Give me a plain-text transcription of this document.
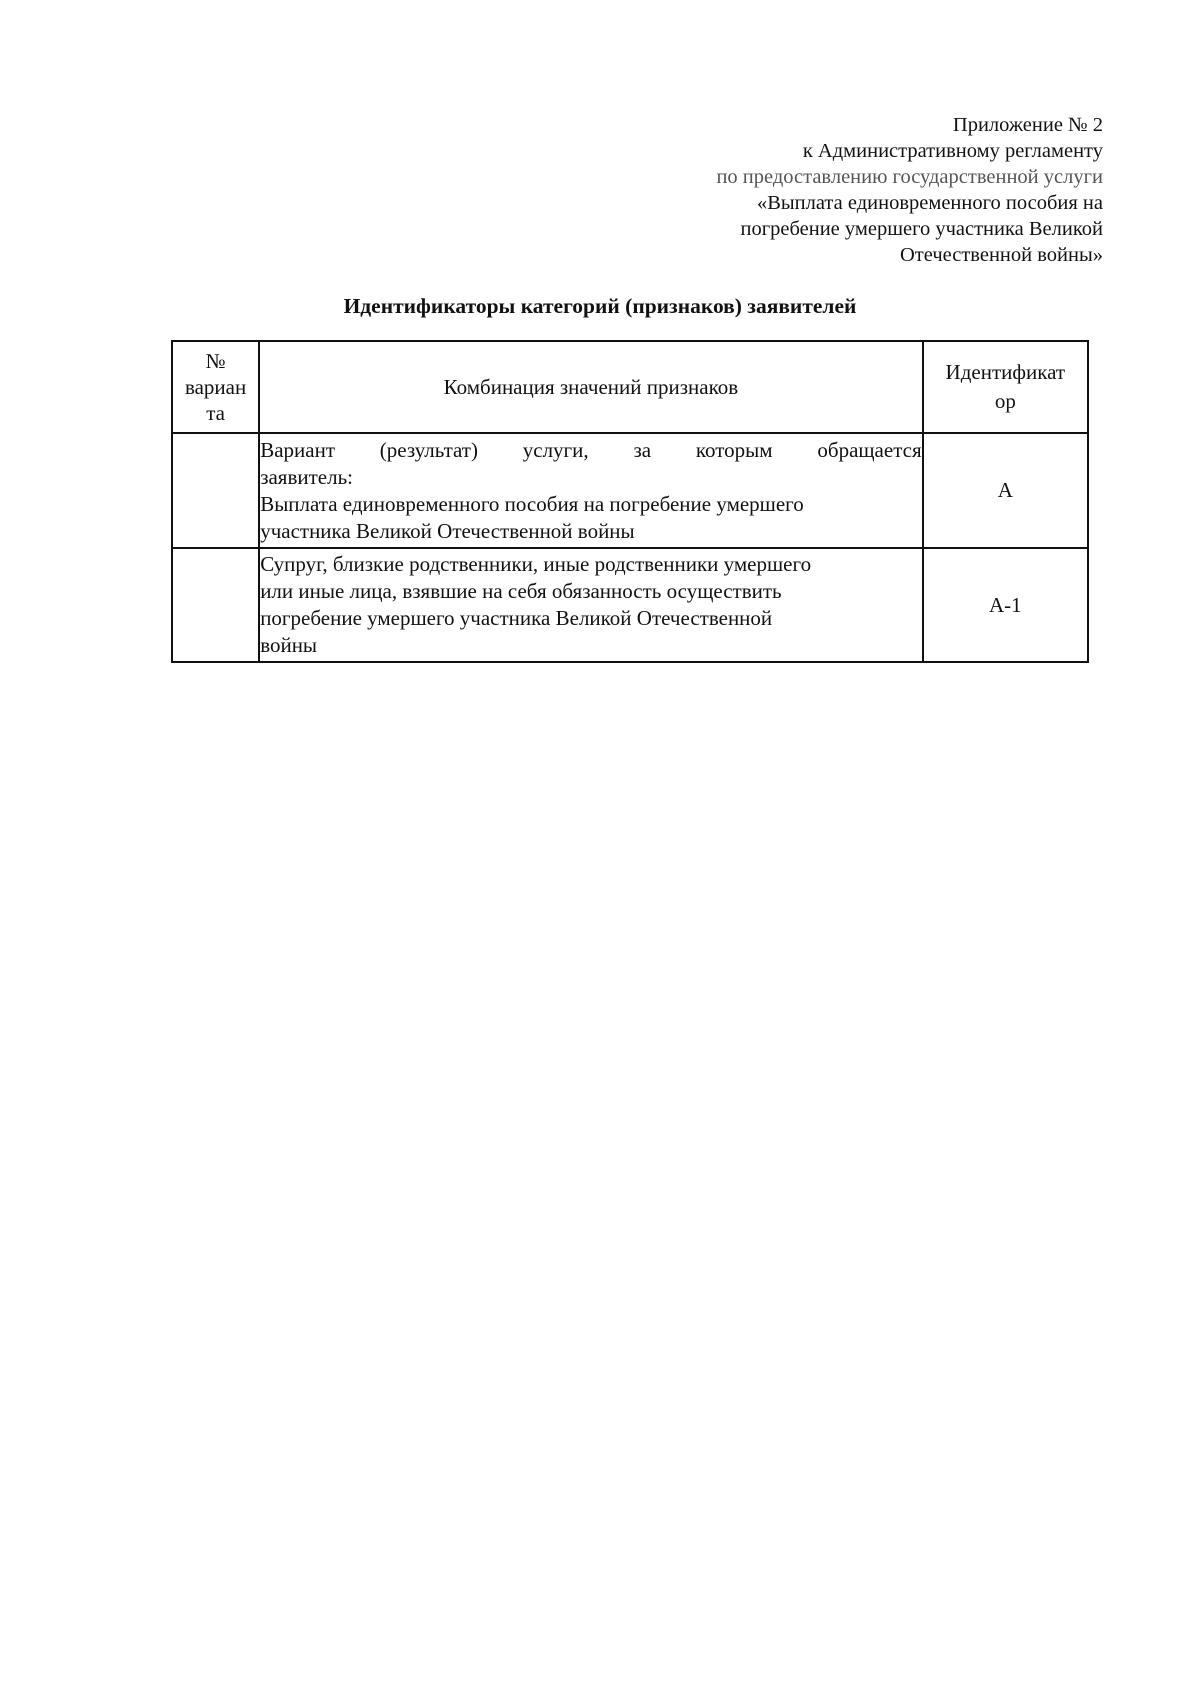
Приложение № 2
к Административному регламенту
по предоставлению государственной услуги
«Выплата единовременного пособия на
погребение умершего участника Великой
Отечественной войны»
Идентификаторы категорий (признаков) заявителей
№
вариан
та	Комбинация значений признаков	Идентификат
ор

	Вариант (результат) услуги, за которым обращается
заявитель:
Выплата единовременного пособия на погребение умершего
участника Великой Отечественной войны	А

	Супруг, близкие родственники, иные родственники умершего
или иные лица, взявшие на себя обязанность осуществить
погребение умершего участника Великой Отечественной
войны	А-1
